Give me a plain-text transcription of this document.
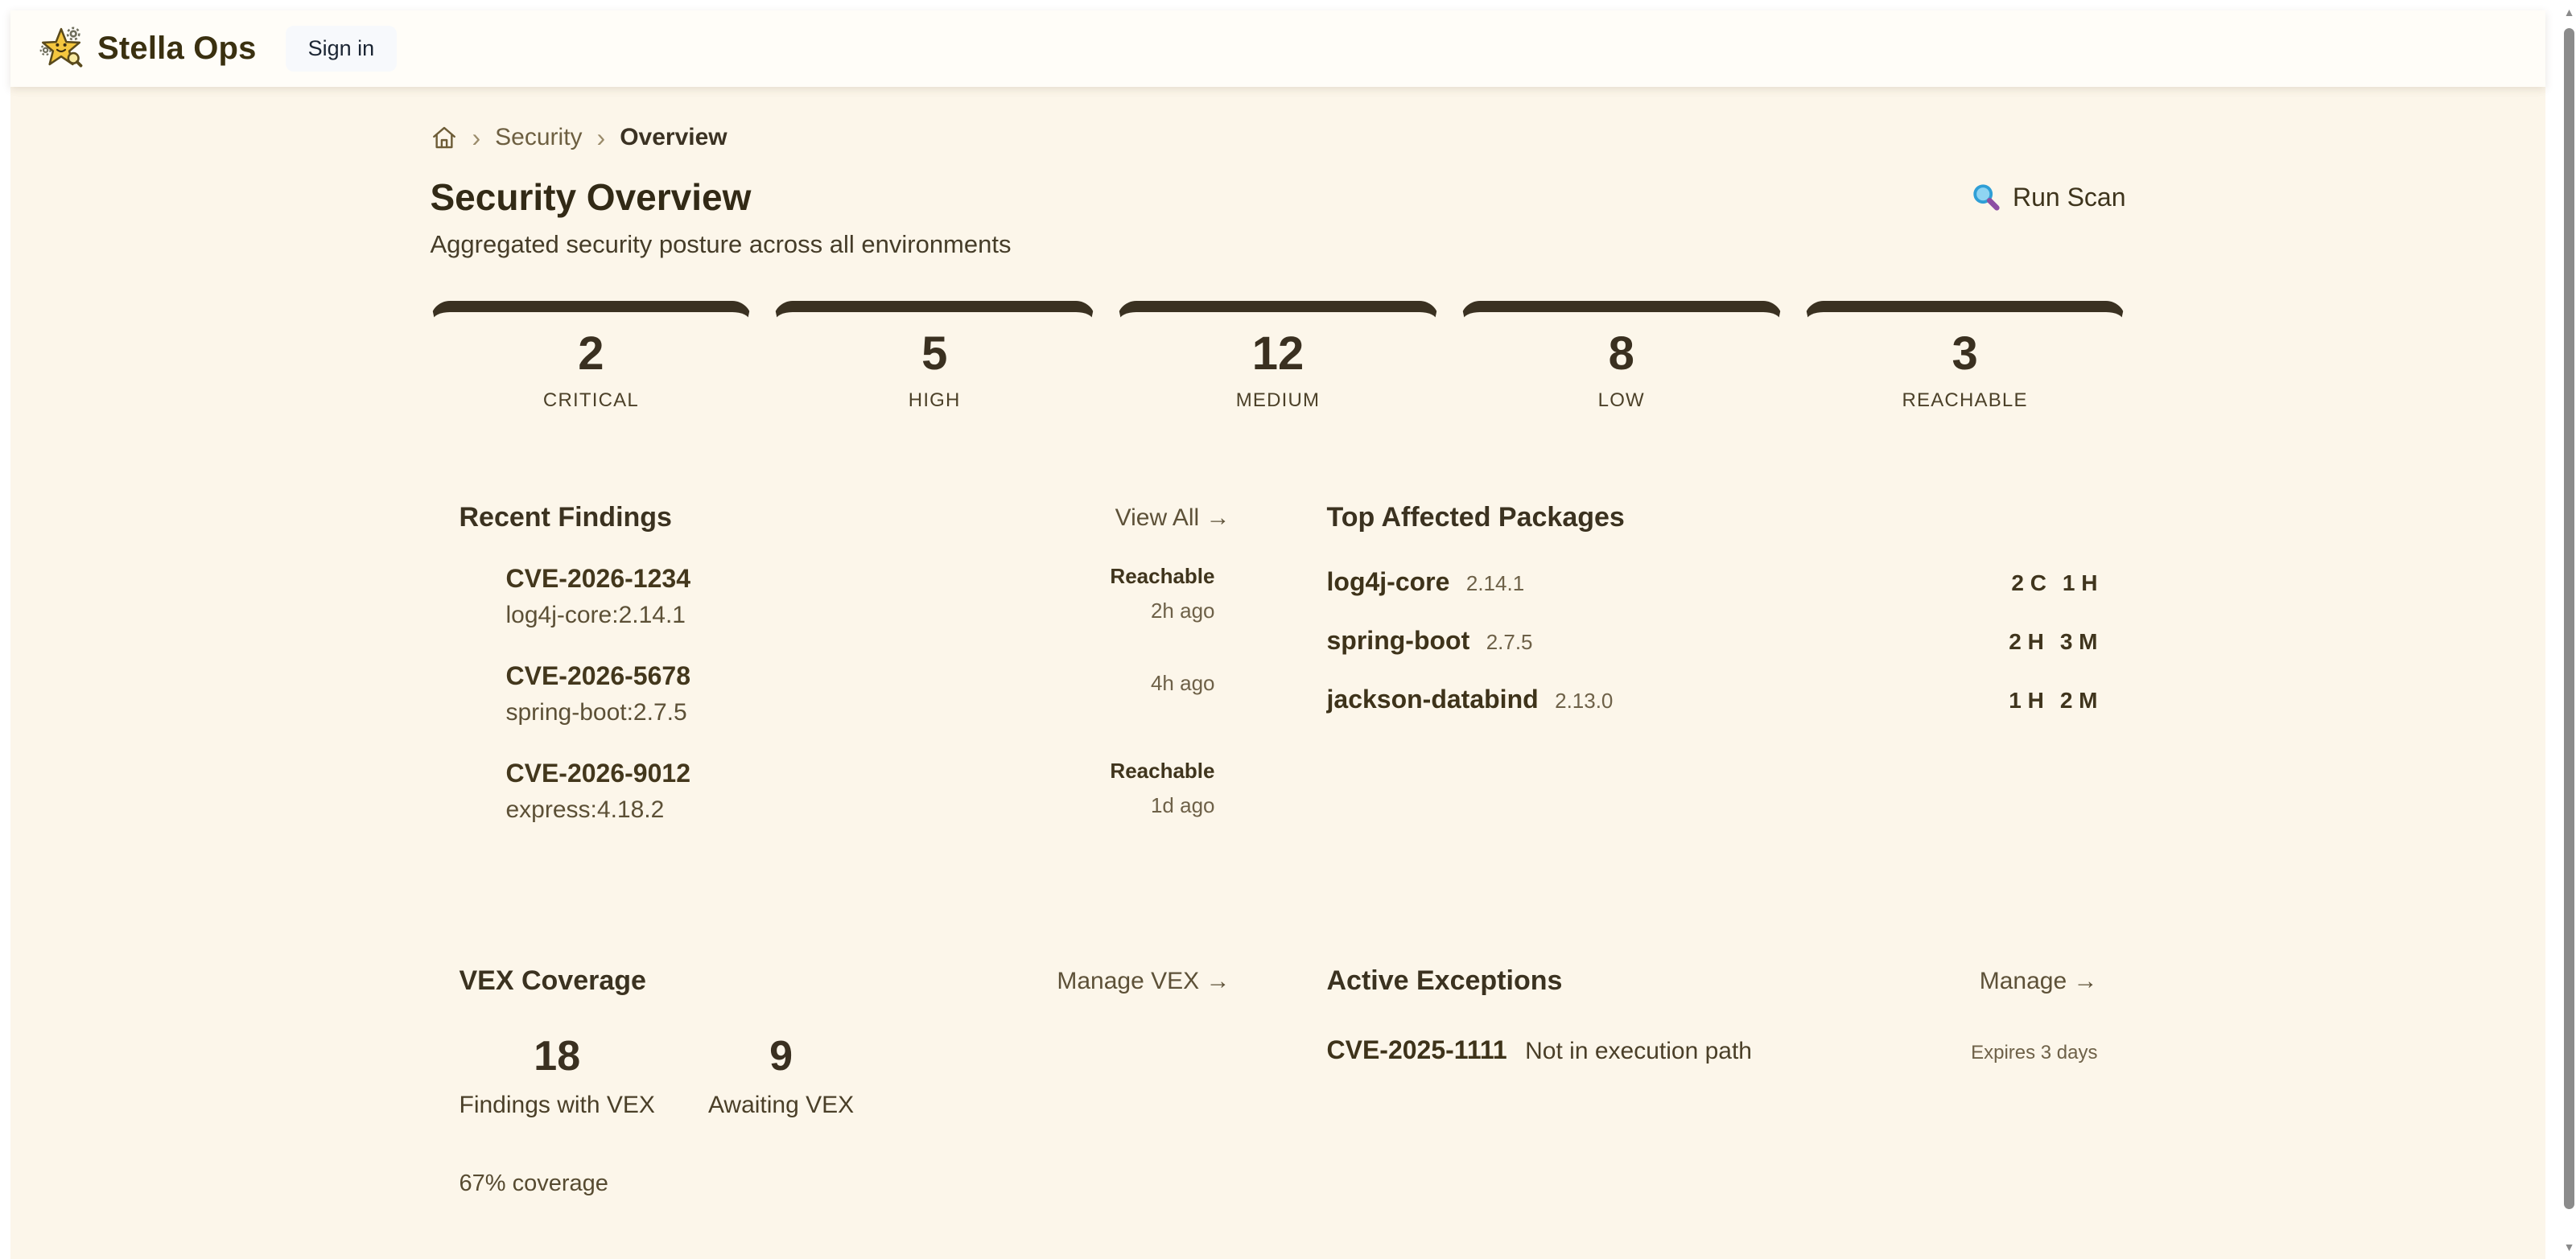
Stella Ops	Sign in
› Security › Overview
Security Overview
Aggregated security posture across all environments
Run Scan
2
CRITICAL
5
HIGH
12
MEDIUM
8
LOW
3
REACHABLE
Recent Findings	View All →
CVE-2026-1234
log4j-core:2.14.1
Reachable
2h ago
CVE-2026-5678
spring-boot:2.7.5
4h ago
CVE-2026-9012
express:4.18.2
Reachable
1d ago
Top Affected Packages
log4j-core 2.14.1	2 C 1 H
spring-boot 2.7.5	2 H 3 M
jackson-databind 2.13.0	1 H 2 M
VEX Coverage	Manage VEX →
18
Findings with VEX
9
Awaiting VEX
67% coverage
Active Exceptions	Manage →
CVE-2025-1111 Not in execution path	Expires 3 days
▲
▼
